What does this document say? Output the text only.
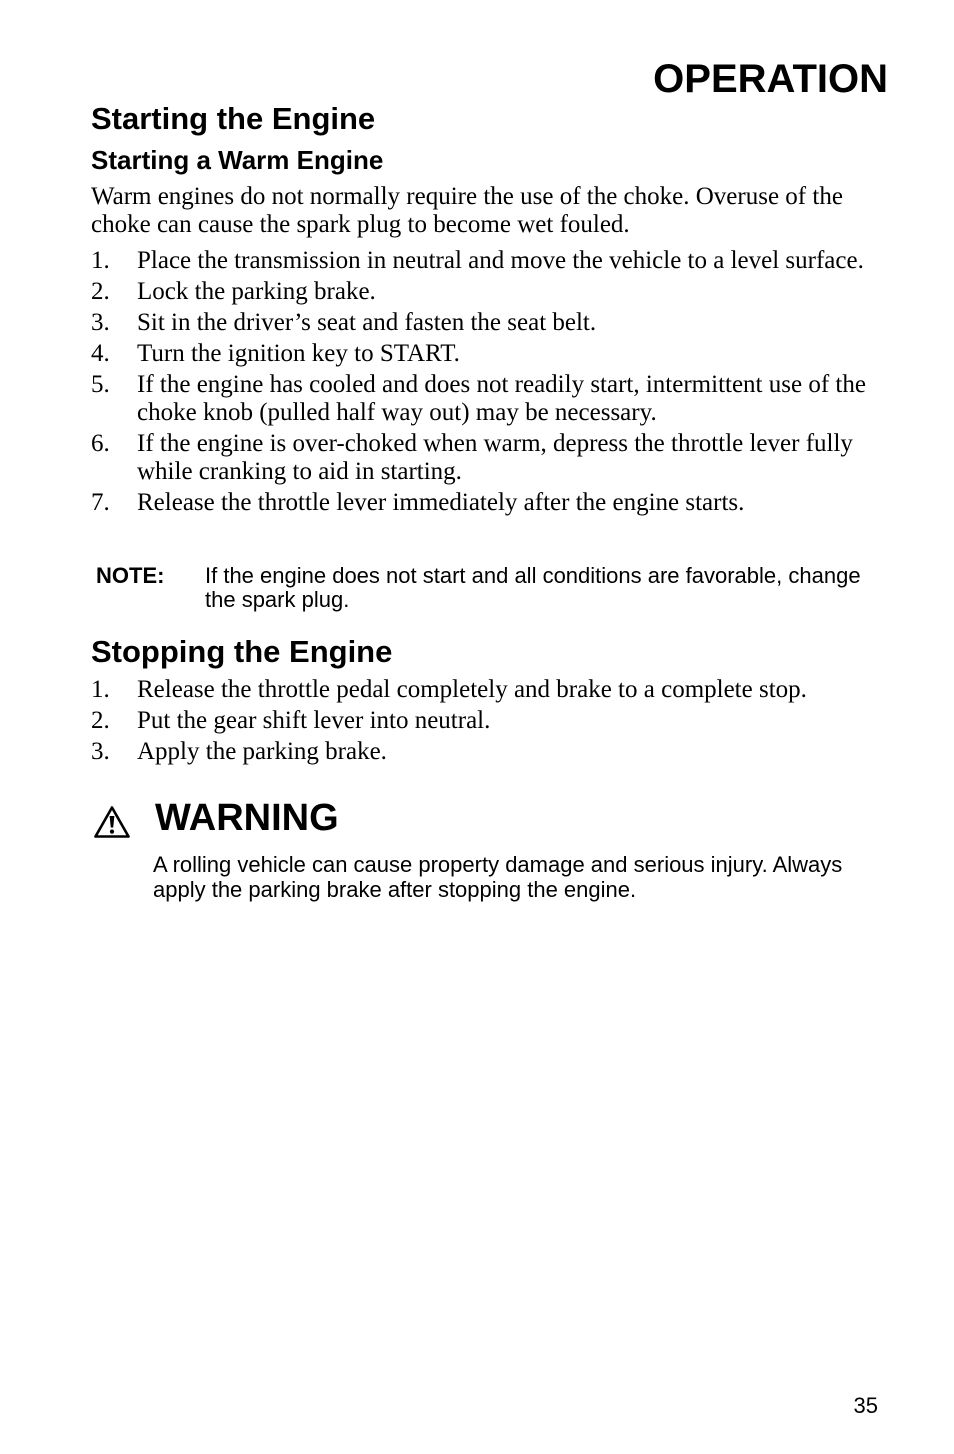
OPERATION
Starting the Engine
Starting a Warm Engine

Warm engines do not normally require the use of the choke. Overuse of the choke can cause the spark plug to become wet fouled.

1. Place the transmission in neutral and move the vehicle to a level surface.
2. Lock the parking brake.
3. Sit in the driver’s seat and fasten the seat belt.
4. Turn the ignition key to START.
5. If the engine has cooled and does not readily start, intermittent use of the choke knob (pulled half way out) may be necessary.
6. If the engine is over-choked when warm, depress the throttle lever fully while cranking to aid in starting.
7. Release the throttle lever immediately after the engine starts.
NOTE: If the engine does not start and all conditions are favorable, change the spark plug.
Stopping the Engine
1. Release the throttle pedal completely and brake to a complete stop.
2. Put the gear shift lever into neutral.
3. Apply the parking brake.
WARNING

A rolling vehicle can cause property damage and serious injury. Always apply the parking brake after stopping the engine.

35
